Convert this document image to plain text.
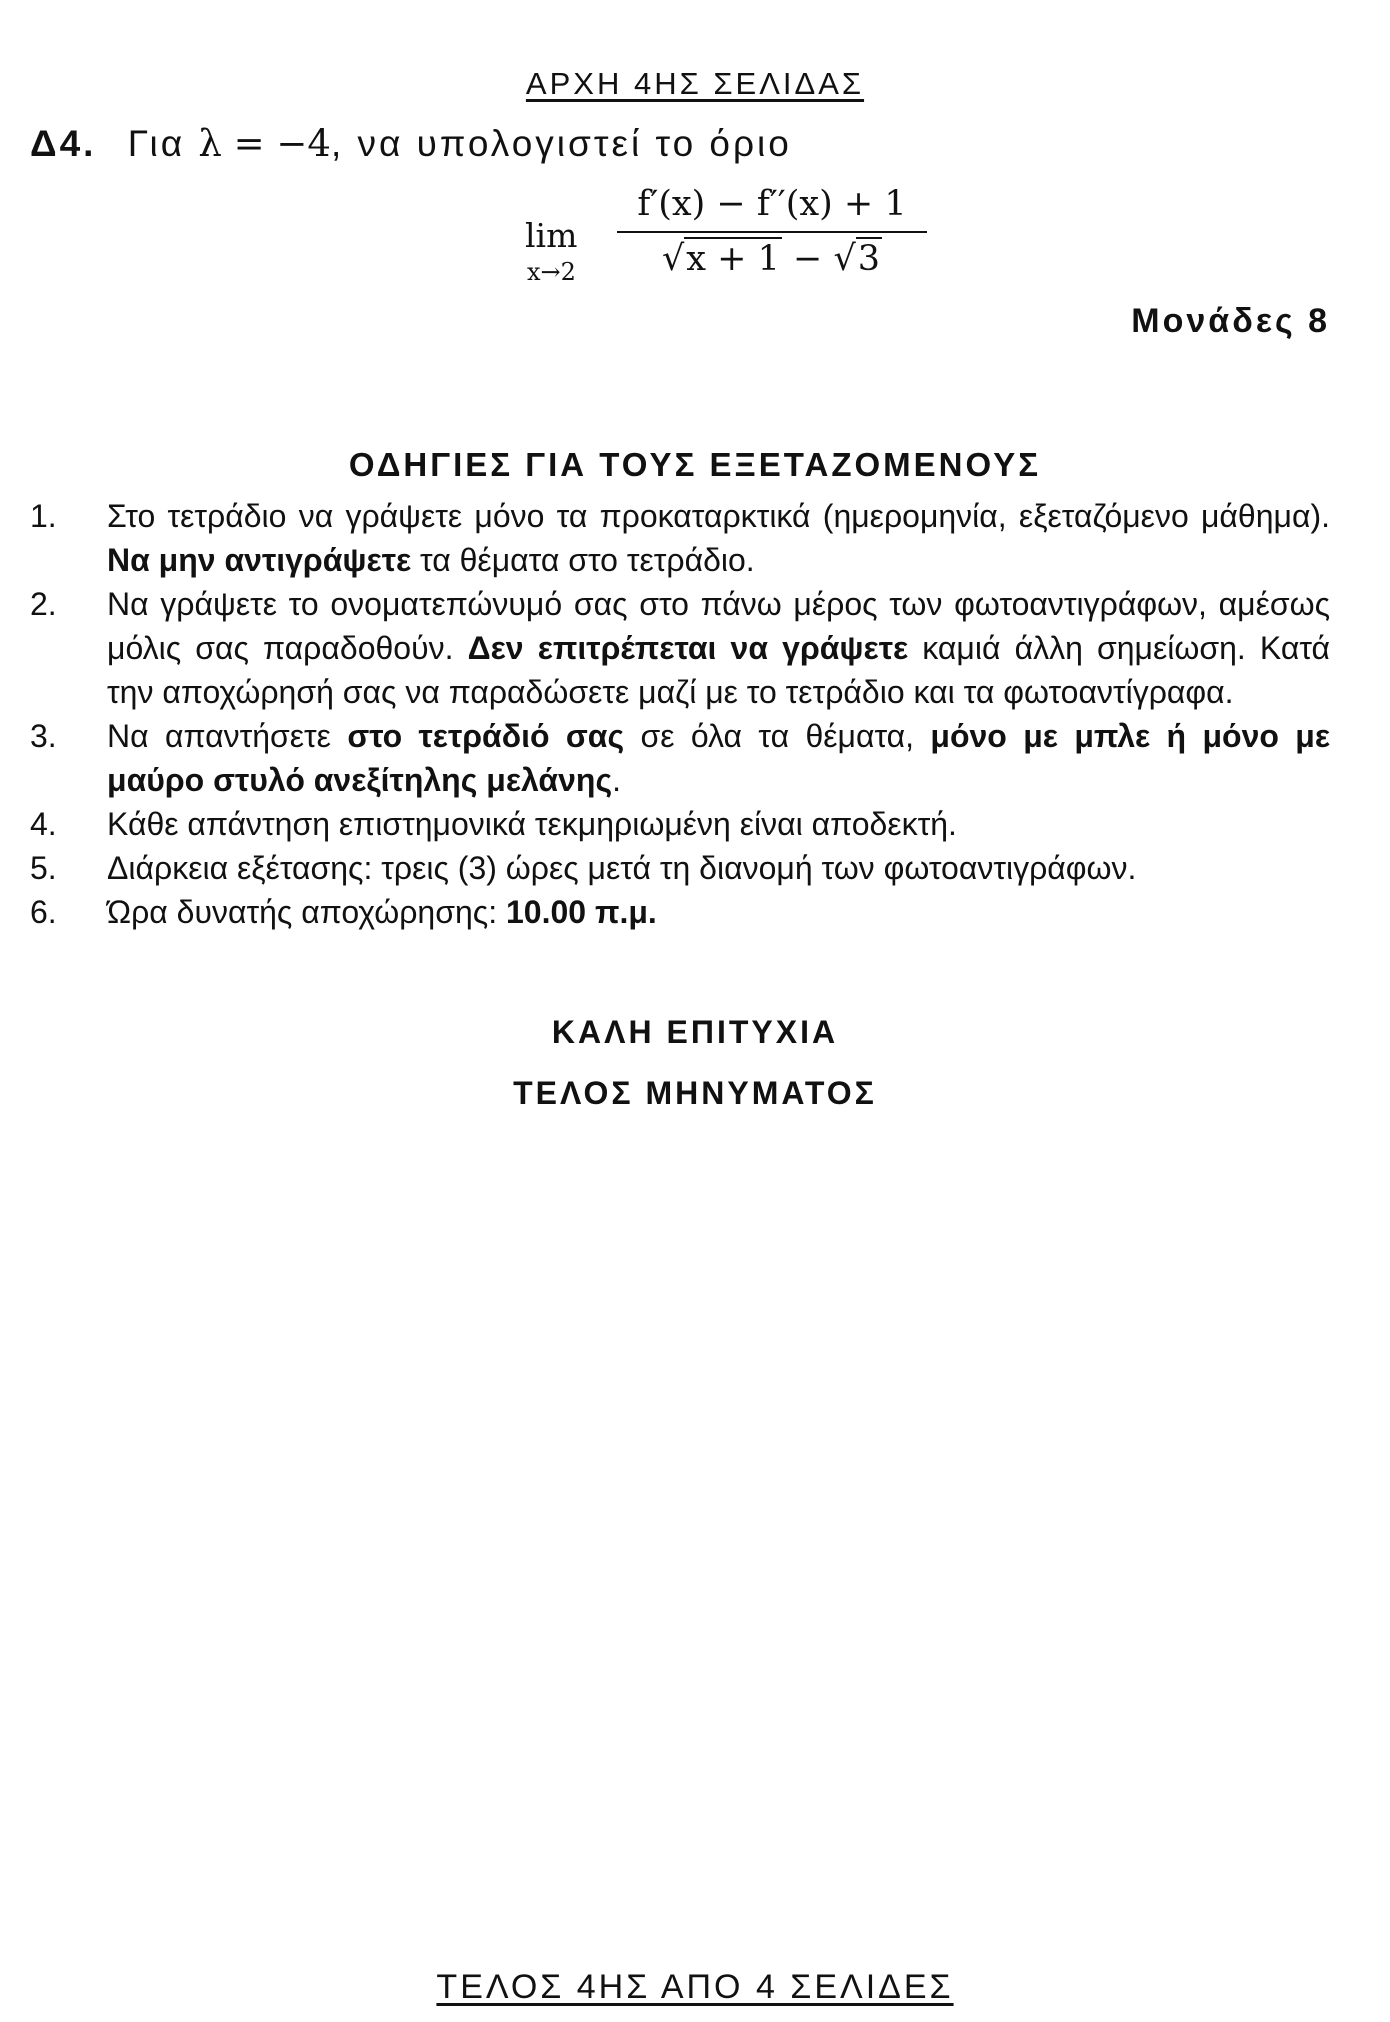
ΑΡΧΗ 4ΗΣ ΣΕΛΙΔΑΣ
Δ4. Για λ = −4, να υπολογιστεί το όριο
lim
x→2
f′(x) − f′′(x) + 1
√x + 1 − √3
Μονάδες 8
ΟΔΗΓΙΕΣ ΓΙΑ ΤΟΥΣ ΕΞΕΤΑΖΟΜΕΝΟΥΣ
1. Στο τετράδιο να γράψετε μόνο τα προκαταρκτικά (ημερομηνία, εξεταζόμενο μάθημα). Να μην αντιγράψετε τα θέματα στο τετράδιο.
2. Να γράψετε το ονοματεπώνυμό σας στο πάνω μέρος των φωτοαντιγράφων, αμέσως μόλις σας παραδοθούν. Δεν επιτρέπεται να γράψετε καμιά άλλη σημείωση. Κατά την αποχώρησή σας να παραδώσετε μαζί με το τετράδιο και τα φωτοαντίγραφα.
3. Να απαντήσετε στο τετράδιό σας σε όλα τα θέματα, μόνο με μπλε ή μόνο με μαύρο στυλό ανεξίτηλης μελάνης.
4. Κάθε απάντηση επιστημονικά τεκμηριωμένη είναι αποδεκτή.
5. Διάρκεια εξέτασης: τρεις (3) ώρες μετά τη διανομή των φωτοαντιγράφων.
6. Ώρα δυνατής αποχώρησης: 10.00 π.μ.
ΚΑΛΗ ΕΠΙΤΥΧΙΑ
ΤΕΛΟΣ ΜΗΝΥΜΑΤΟΣ
ΤΕΛΟΣ 4ΗΣ ΑΠΟ 4 ΣΕΛΙΔΕΣ
